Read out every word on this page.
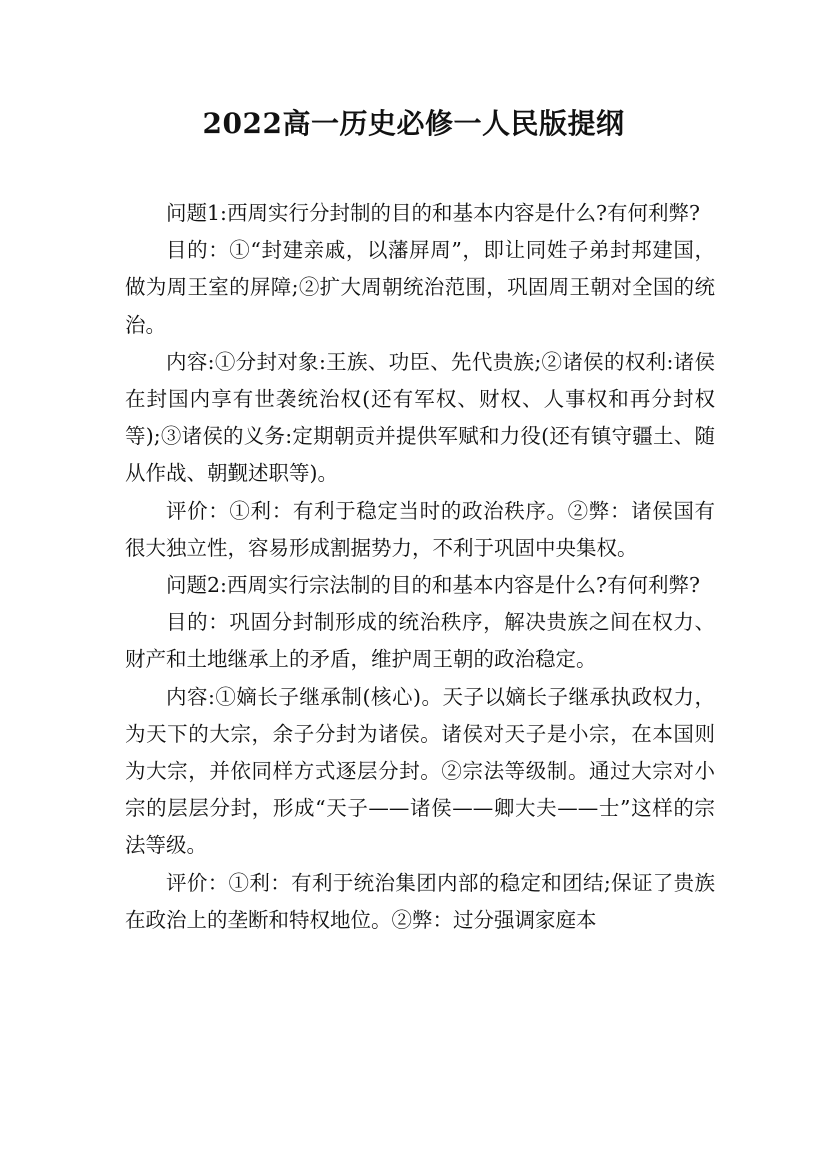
2022高一历史必修一人民版提纲

问题1:西周实行分封制的目的和基本内容是什么?有何利弊?

目的：①“封建亲戚，以藩屏周”，即让同姓子弟封邦建国，做为周王室的屏障;②扩大周朝统治范围，巩固周王朝对全国的统治。

内容:①分封对象:王族、功臣、先代贵族;②诸侯的权利:诸侯在封国内享有世袭统治权(还有军权、财权、人事权和再分封权等);③诸侯的义务:定期朝贡并提供军赋和力役(还有镇守疆土、随从作战、朝觐述职等)。

评价：①利：有利于稳定当时的政治秩序。②弊：诸侯国有很大独立性，容易形成割据势力，不利于巩固中央集权。

问题2:西周实行宗法制的目的和基本内容是什么?有何利弊?

目的：巩固分封制形成的统治秩序，解决贵族之间在权力、财产和土地继承上的矛盾，维护周王朝的政治稳定。

内容:①嫡长子继承制(核心)。天子以嫡长子继承执政权力，为天下的大宗，余子分封为诸侯。诸侯对天子是小宗，在本国则为大宗，并依同样方式逐层分封。②宗法等级制。通过大宗对小宗的层层分封，形成“天子——诸侯——卿大夫——士”这样的宗法等级。

评价：①利：有利于统治集团内部的稳定和团结;保证了贵族在政治上的垄断和特权地位。②弊：过分强调家庭本
